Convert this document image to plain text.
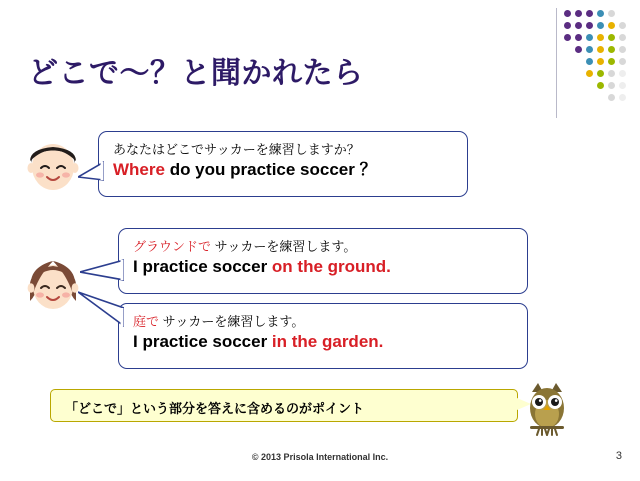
どこで〜？と聞かれたら

あなたはどこでサッカーを練習しますか？

Where do you practice soccer ？

グラウンドで サッカーを練習します。

I practice soccer on the ground.

庭で サッカーを練習します。

I practice soccer in the garden.

「どこで」という部分を答えに含めるのがポイント
© 2013 Prisola International Inc.	3
